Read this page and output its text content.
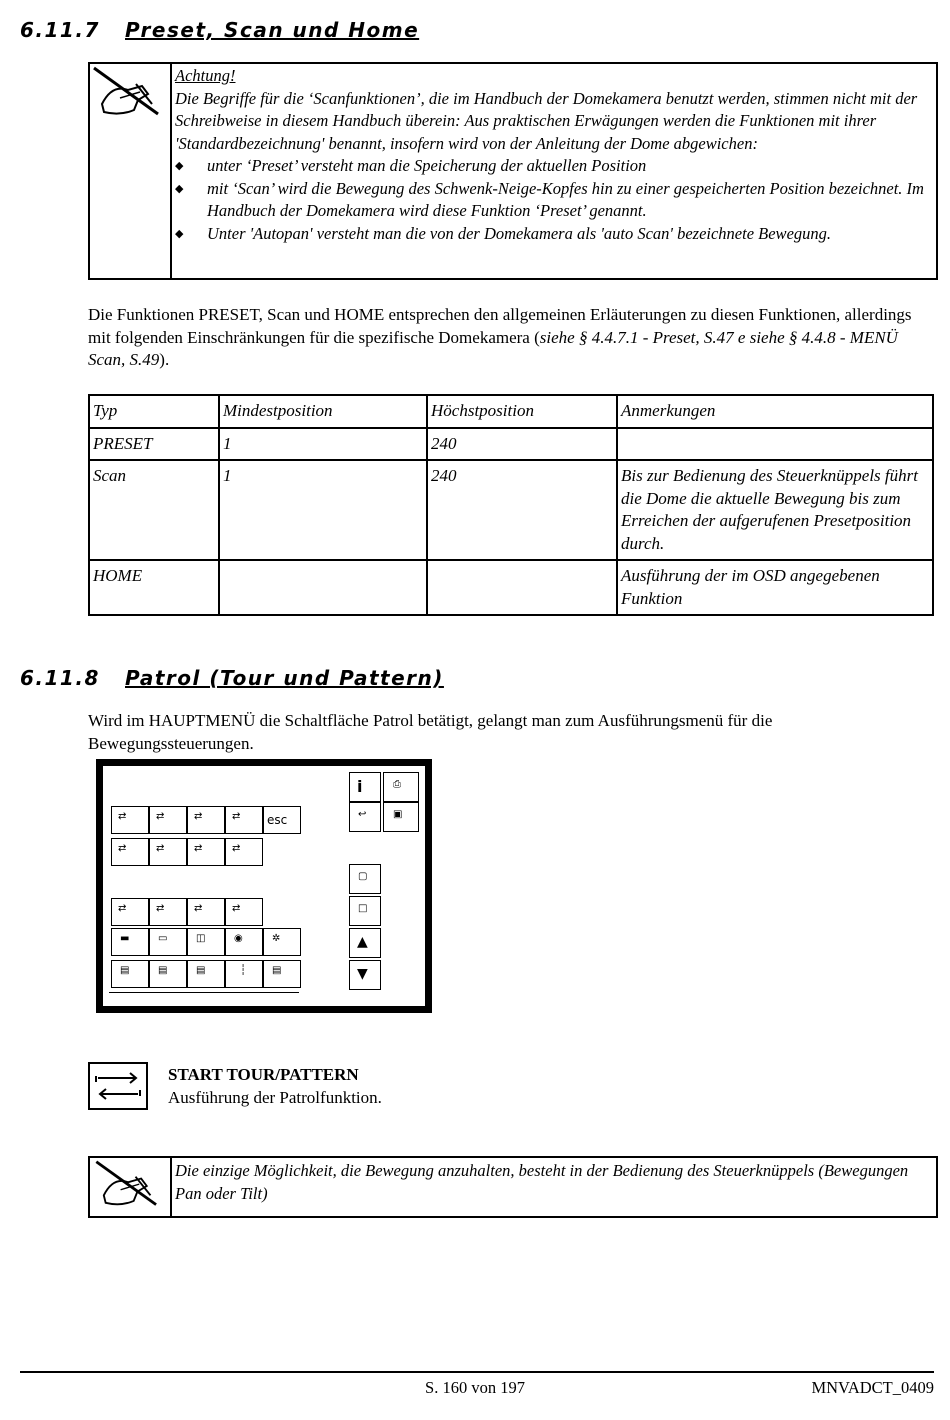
6.11.7 Preset, Scan und Home
Achtung!
Die Begriffe für die ‘Scanfunktionen’, die im Handbuch der Domekamera benutzt werden, stimmen nicht mit der Schreibweise in diesem Handbuch überein: Aus praktischen Erwägungen werden die Funktionen mit ihrer 'Standardbezeichnung' benannt, insofern wird von der Anleitung der Dome abgewichen:
◆ unter ‘Preset’ versteht man die Speicherung der aktuellen Position
◆ mit ‘Scan’ wird die Bewegung des Schwenk-Neige-Kopfes hin zu einer gespeicherten Position bezeichnet. Im Handbuch der Domekamera wird diese Funktion ‘Preset’ genannt.
◆ Unter 'Autopan' versteht man die von der Domekamera als 'auto Scan' bezeichnete Bewegung.
Die Funktionen PRESET, Scan und HOME entsprechen den allgemeinen Erläuterungen zu diesen Funktionen, allerdings mit folgenden Einschränkungen für die spezifische Domekamera (siehe § 4.4.7.1 - Preset, S.47 e siehe § 4.4.8 - MENÜ Scan, S.49).
Typ	Mindestposition	Höchstposition	Anmerkungen
PRESET	1	240	
Scan	1	240	Bis zur Bedienung des Steuerknüppels führt die Dome die aktuelle Bewegung bis zum Erreichen der aufgerufenen Presetposition durch.
HOME			Ausführung der im OSD angegebenen Funktion
6.11.8 Patrol (Tour und Pattern)
Wird im HAUPTMENÜ die Schaltfläche Patrol betätigt, gelangt man zum Ausführungsmenü für die Bewegungssteuerungen.
⇄	⇄	⇄	⇄ esc
⇄	⇄	⇄	⇄
⇄	⇄	⇄	⇄
▬	▭	◫	◉	✲
▤	▤	▤	┆	▤
i	⎙
↩	▣
▢
□
▲
▼
START TOUR/PATTERN
Ausführung der Patrolfunktion.
Die einzige Möglichkeit, die Bewegung anzuhalten, besteht in der Bedienung des Steuerknüppels (Bewegungen Pan oder Tilt)
S. 160 von 197	MNVADCT_0409
